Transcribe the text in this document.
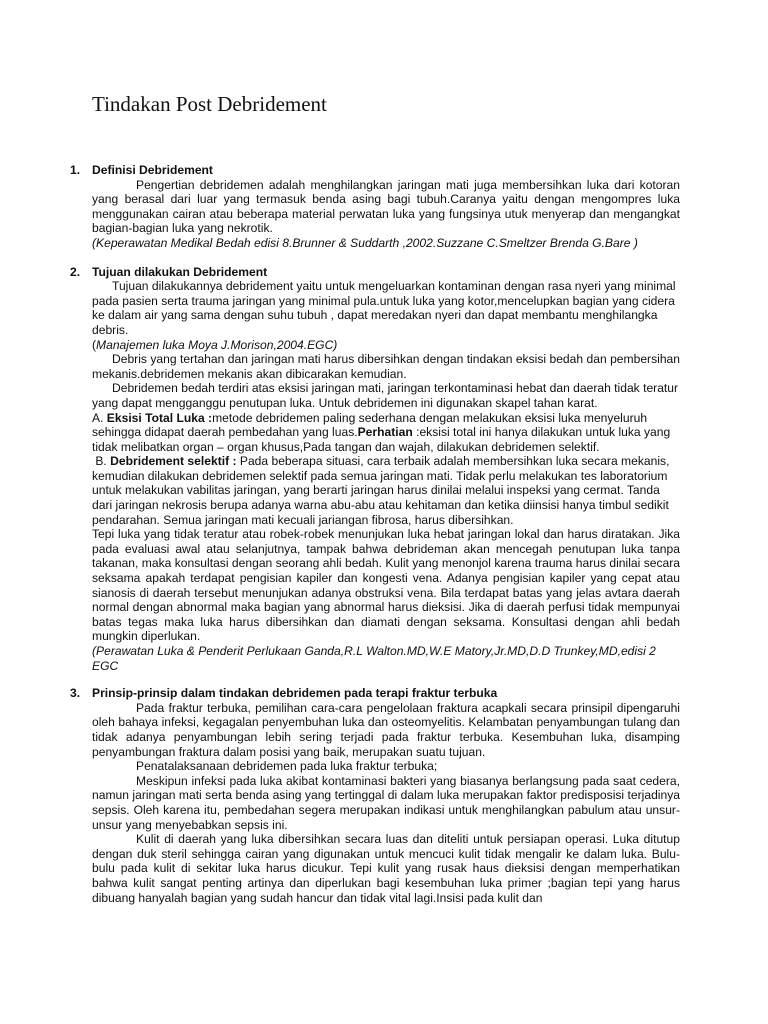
Tindakan Post Debridement
1. Definisi Debridement

Pengertian debridemen adalah menghilangkan jaringan mati juga membersihkan luka dari kotoran yang berasal dari luar yang termasuk benda asing bagi tubuh.Caranya yaitu dengan mengompres luka menggunakan cairan atau beberapa material perwatan luka yang fungsinya utuk menyerap dan mengangkat bagian-bagian luka yang nekrotik.

(Keperawatan Medikal Bedah edisi 8.Brunner & Suddarth ,2002.Suzzane C.Smeltzer Brenda G.Bare )

2. Tujuan dilakukan Debridement

Tujuan dilakukannya debridement yaitu untuk mengeluarkan kontaminan dengan rasa nyeri yang minimal pada pasien serta trauma jaringan yang minimal pula.untuk luka yang kotor,mencelupkan bagian yang cidera ke dalam air yang sama dengan suhu tubuh , dapat meredakan nyeri dan dapat membantu menghilangka debris.

(Manajemen luka Moya J.Morison,2004.EGC)

Debris yang tertahan dan jaringan mati harus dibersihkan dengan tindakan eksisi bedah dan pembersihan mekanis.debridemen mekanis akan dibicarakan kemudian.

Debridemen bedah terdiri atas eksisi jaringan mati, jaringan terkontaminasi hebat dan daerah tidak teratur yang dapat mengganggu penutupan luka. Untuk debridemen ini digunakan skapel tahan karat.

A. Eksisi Total Luka :metode debridemen paling sederhana dengan melakukan eksisi luka menyeluruh sehingga didapat daerah pembedahan yang luas.Perhatian :eksisi total ini hanya dilakukan untuk luka yang tidak melibatkan organ – organ khusus,Pada tangan dan wajah, dilakukan debridemen selektif.

B. Debridement selektif : Pada beberapa situasi, cara terbaik adalah membersihkan luka secara mekanis, kemudian dilakukan debridemen selektif pada semua jaringan mati. Tidak perlu melakukan tes laboratorium untuk melakukan vabilitas jaringan, yang berarti jaringan harus dinilai melalui inspeksi yang cermat. Tanda dari jaringan nekrosis berupa adanya warna abu-abu atau kehitaman dan ketika diinsisi hanya timbul sedikit pendarahan. Semua jaringan mati kecuali jariangan fibrosa, harus dibersihkan.

Tepi luka yang tidak teratur atau robek-robek menunjukan luka hebat jaringan lokal dan harus diratakan. Jika pada evaluasi awal atau selanjutnya, tampak bahwa debrideman akan mencegah penutupan luka tanpa takanan, maka konsultasi dengan seorang ahli bedah. Kulit yang menonjol karena trauma harus dinilai secara seksama apakah terdapat pengisian kapiler dan kongesti vena. Adanya pengisian kapiler yang cepat atau sianosis di daerah tersebut menunjukan adanya obstruksi vena. Bila terdapat batas yang jelas avtara daerah normal dengan abnormal maka bagian yang abnormal harus dieksisi. Jika di daerah perfusi tidak mempunyai batas tegas maka luka harus dibersihkan dan diamati dengan seksama. Konsultasi dengan ahli bedah mungkin diperlukan.

(Perawatan Luka & Penderit Perlukaan Ganda,R.L Walton.MD,W.E Matory,Jr.MD,D.D Trunkey,MD,edisi 2 EGC

3. Prinsip-prinsip dalam tindakan debridemen pada terapi fraktur terbuka

Pada fraktur terbuka, pemilihan cara-cara pengelolaan fraktura acapkali secara prinsipil dipengaruhi oleh bahaya infeksi, kegagalan penyembuhan luka dan osteomyelitis. Kelambatan penyambungan tulang dan tidak adanya penyambungan lebih sering terjadi pada fraktur terbuka. Kesembuhan luka, disamping penyambungan fraktura dalam posisi yang baik, merupakan suatu tujuan.

Penatalaksanaan debridemen pada luka fraktur terbuka;

Meskipun infeksi pada luka akibat kontaminasi bakteri yang biasanya berlangsung pada saat cedera, namun jaringan mati serta benda asing yang tertinggal di dalam luka merupakan faktor predisposisi terjadinya sepsis. Oleh karena itu, pembedahan segera merupakan indikasi untuk menghilangkan pabulum atau unsur-unsur yang menyebabkan sepsis ini.

Kulit di daerah yang luka dibersihkan secara luas dan diteliti untuk persiapan operasi. Luka ditutup dengan duk steril sehingga cairan yang digunakan untuk mencuci kulit tidak mengalir ke dalam luka. Bulu-bulu pada kulit di sekitar luka harus dicukur. Tepi kulit yang rusak haus dieksisi dengan memperhatikan bahwa kulit sangat penting artinya dan diperlukan bagi kesembuhan luka primer ;bagian tepi yang harus dibuang hanyalah bagian yang sudah hancur dan tidak vital lagi.Insisi pada kulit dan
